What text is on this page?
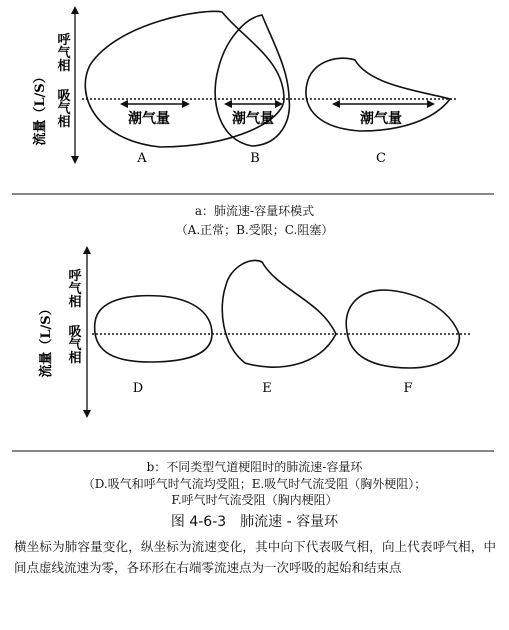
流量（L/S）
呼气相
吸气相	潮气量
A
潮气量
B
潮气量
C
流量（L/S）
呼气相
吸气相
D	E	F
a：肺流速-容量环模式
（A.正常；B.受限；C.阻塞）
b：不同类型气道梗阻时的肺流速-容量环
（D.吸气和呼气时气流均受阻；E.吸气时气流受阻（胸外梗阻）；
图 4-6-3　肺流速 - 容量环
横坐标为肺容量变化，纵坐标为流速变化，其中向下代表吸气相，向上代表呼气相，中间点虚线流速为零，各环形在右端零流速点为一次呼吸的起始和结束点
F.呼气时气流受阻（胸内梗阻）
